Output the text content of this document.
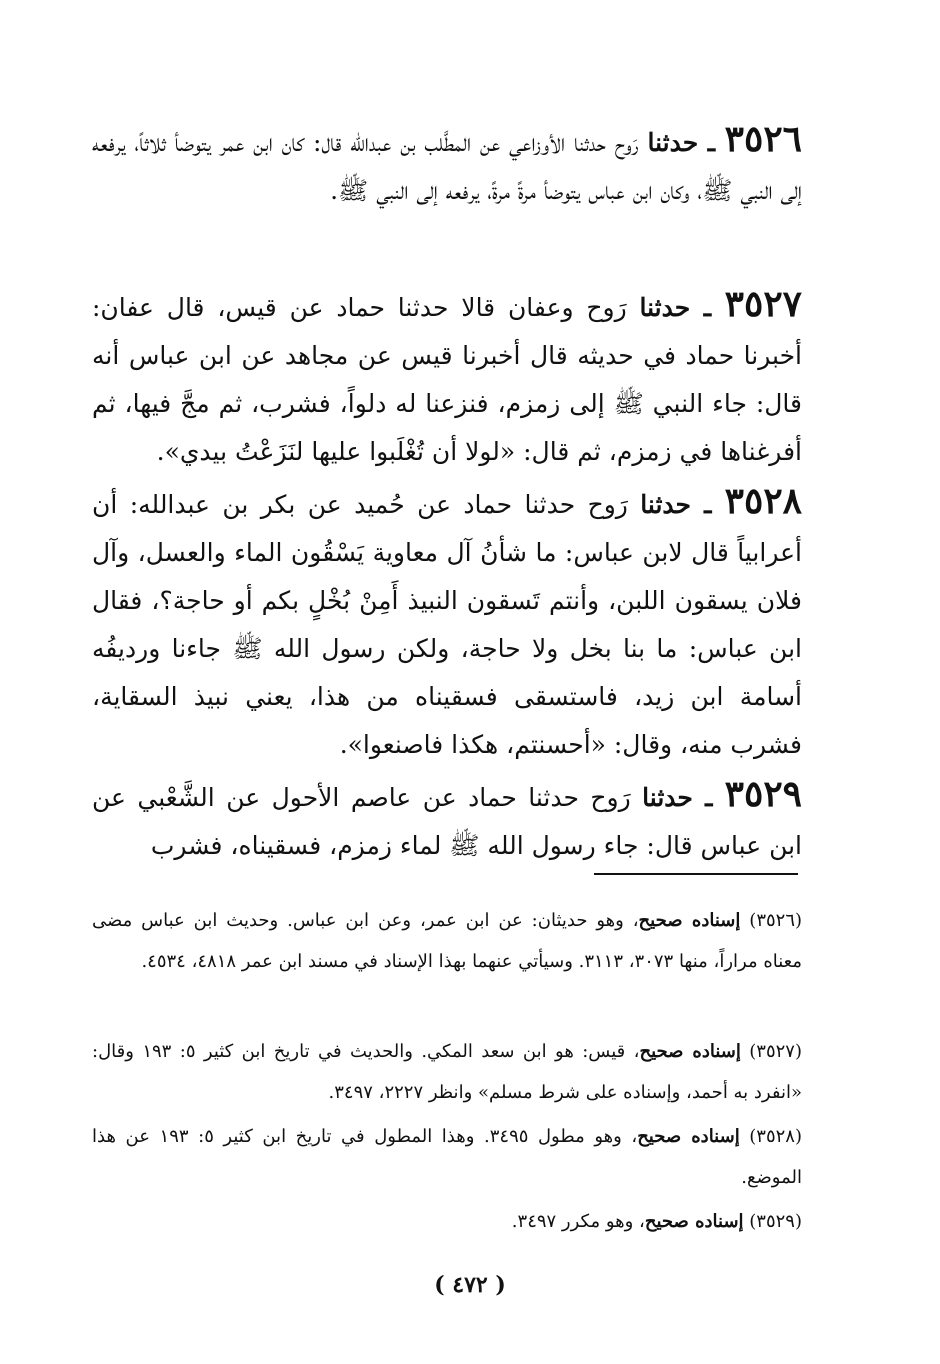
٣٥٢٦ ـ حدثنا رَوح حدثنا الأوزاعي عن المطَّلب بن عبدالله قال: كان ابن عمر يتوضأ ثلاثاً، يرفعه إلى النبي ﷺ، وكان ابن عباس يتوضأ مرةً مرةً، يرفعه إلى النبي ﷺ.

٣٥٢٧ ـ حدثنا رَوح وعفان قالا حدثنا حماد عن قيس، قال عفان: أخبرنا حماد في حديثه قال أخبرنا قيس عن مجاهد عن ابن عباس أنه قال: جاء النبي ﷺ إلى زمزم، فنزعنا له دلواً، فشرب، ثم مجَّ فيها، ثم أفرغناها في زمزم، ثم قال: «لولا أن تُغْلَبوا عليها لنَزَعْتُ بيدي».

٣٥٢٨ ـ حدثنا رَوح حدثنا حماد عن حُميد عن بكر بن عبدالله: أن أعرابياً قال لابن عباس: ما شأنُ آل معاوية يَسْقُون الماء والعسل، وآل فلان يسقون اللبن، وأنتم تَسقون النبيذ أَمِنْ بُخْلٍ بكم أو حاجة؟، فقال ابن عباس: ما بنا بخل ولا حاجة، ولكن رسول الله ﷺ جاءنا ورديفُه أسامة ابن زيد، فاستسقى فسقيناه من هذا، يعني نبيذ السقاية، فشرب منه، وقال: «أحسنتم، هكذا فاصنعوا».

٣٥٢٩ ـ حدثنا رَوح حدثنا حماد عن عاصم الأحول عن الشَّعْبي عن ابن عباس قال: جاء رسول الله ﷺ لماء زمزم، فسقيناه، فشرب

(٣٥٢٦) إسناده صحيح، وهو حديثان: عن ابن عمر، وعن ابن عباس. وحديث ابن عباس مضى معناه مراراً، منها ٣٠٧٣، ٣١١٣. وسيأتي عنهما بهذا الإسناد في مسند ابن عمر ٤٨١٨، ٤٥٣٤.

(٣٥٢٧) إسناده صحيح، قيس: هو ابن سعد المكي. والحديث في تاريخ ابن كثير ٥: ١٩٣ وقال: «انفرد به أحمد، وإسناده على شرط مسلم» وانظر ٢٢٢٧، ٣٤٩٧.

(٣٥٢٨) إسناده صحيح، وهو مطول ٣٤٩٥. وهذا المطول في تاريخ ابن كثير ٥: ١٩٣ عن هذا الموضع.

(٣٥٢٩) إسناده صحيح، وهو مكرر ٣٤٩٧.

( ٤٧٢ )
